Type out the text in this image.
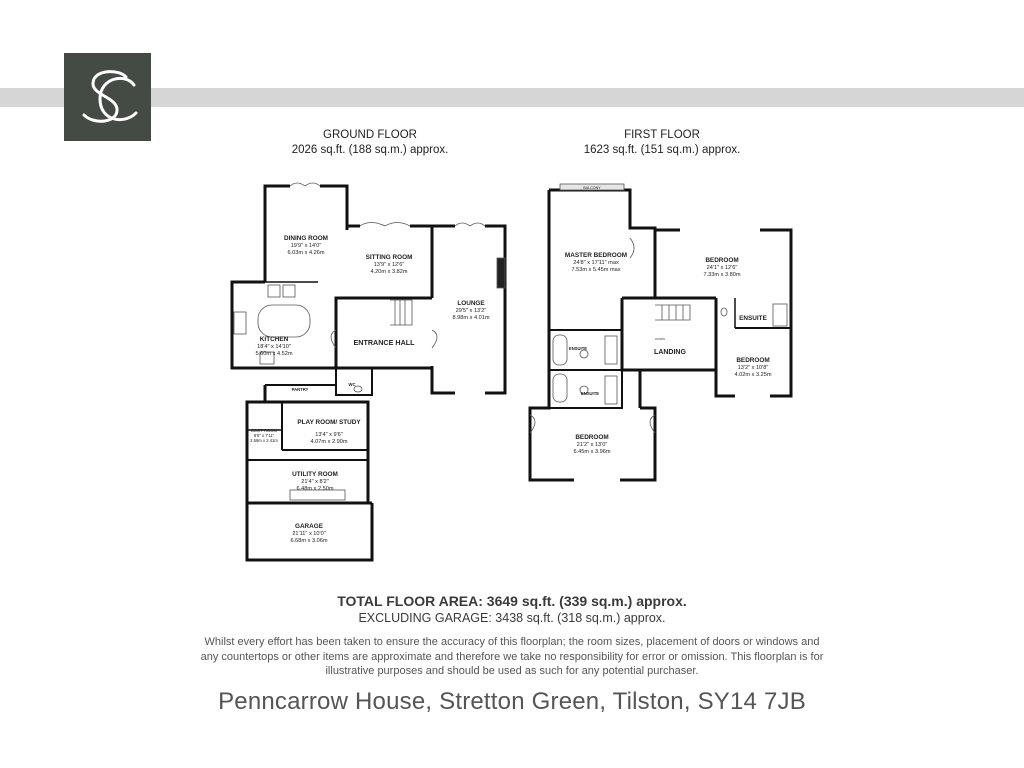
GROUND FLOOR
2026 sq.ft. (188 sq.m.) approx.
FIRST FLOOR
1623 sq.ft. (151 sq.m.) approx.
DINING ROOM
19'9" x 14'0"
6.03m x 4.26m
SITTING ROOM
13'9" x 12'6"
4.20m x 3.82m
LOUNGE
29'5" x 13'2"
8.98m x 4.01m
KITCHEN
18'4" x 14'10"
5.60m x 4.52m
ENTRANCE HALL
PANTRY
WC
PLAY ROOM/ STUDY
13'4" x 9'6"
4.07m x 2.90m
BOOT ROOM
8'6" x 7'11"
2.59m x 2.41m
UTILITY ROOM
21'4" x 8'2"
6.48m x 2.50m
GARAGE
21'11" x 10'0"
6.68m x 3.06m
MASTER BEDROOM
24'8" x 17'11" max
7.53m x 5.45m max
BEDROOM
24'1" x 12'6"
7.33m x 3.80m
ENSUITE
BEDROOM
13'2" x 10'8"
4.02m x 3.25m
LANDING
ENSUITE
ENSUITE
BEDROOM
21'2" x 13'0"
6.45m x 3.96m
BALCONY
DOWN
TOTAL FLOOR AREA: 3649 sq.ft. (339 sq.m.) approx.
EXCLUDING GARAGE: 3438 sq.ft. (318 sq.m.) approx.
Whilst every effort has been taken to ensure the accuracy of this floorplan; the room sizes, placement of doors or windows and any countertops or other items are approximate and therefore we take no responsibility for error or omission. This floorplan is for illustrative purposes and should be used as such for any potential purchaser.
Penncarrow House, Stretton Green, Tilston, SY14 7JB
